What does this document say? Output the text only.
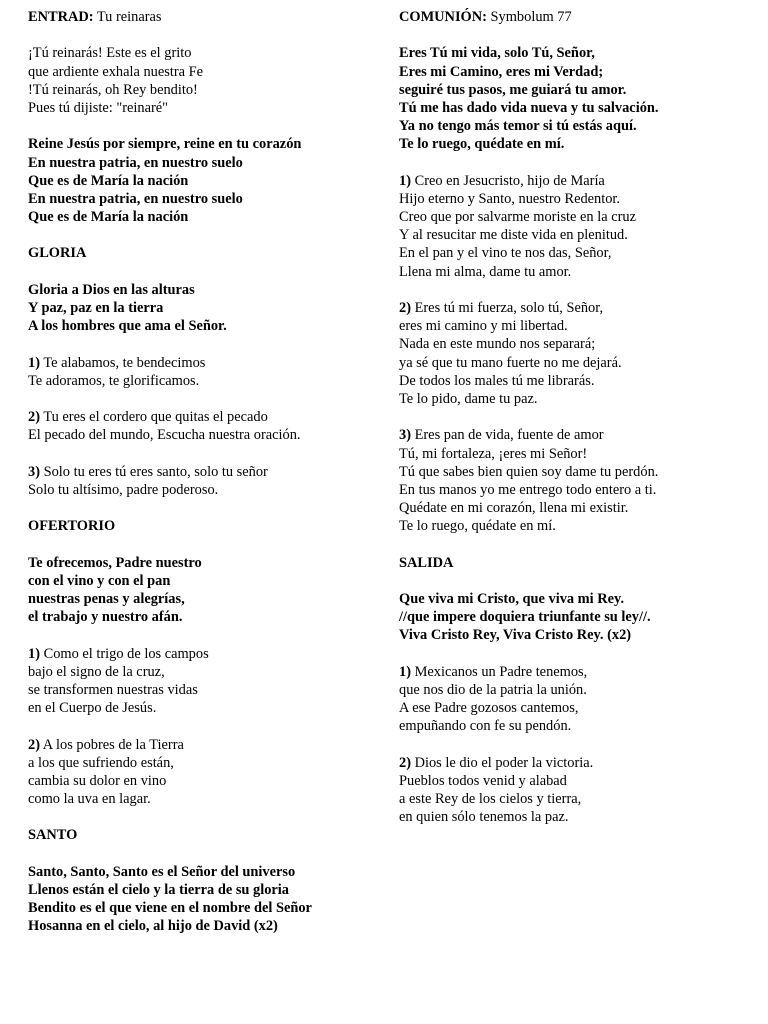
ENTRAD: Tu reinaras
¡Tú reinarás! Este es el grito
que ardiente exhala nuestra Fe
!Tú reinarás, oh Rey bendito!
Pues tú dijiste: "reinaré"
Reine Jesús por siempre, reine en tu corazón
En nuestra patria, en nuestro suelo
Que es de María la nación
En nuestra patria, en nuestro suelo
Que es de María la nación
GLORIA
Gloria a Dios en las alturas
Y paz, paz en la tierra
A los hombres que ama el Señor.
1) Te alabamos, te bendecimos
Te adoramos, te glorificamos.
2) Tu eres el cordero que quitas el pecado
El pecado del mundo, Escucha nuestra oración.
3) Solo tu eres tú eres santo, solo tu señor
Solo tu altísimo, padre poderoso.
OFERTORIO
Te ofrecemos, Padre nuestro
con el vino y con el pan
nuestras penas y alegrías,
el trabajo y nuestro afán.
1) Como el trigo de los campos
bajo el signo de la cruz,
se transformen nuestras vidas
en el Cuerpo de Jesús.
2) A los pobres de la Tierra
a los que sufriendo están,
cambia su dolor en vino
como la uva en lagar.
SANTO
Santo, Santo, Santo es el Señor del universo
Llenos están el cielo y la tierra de su gloria
Bendito es el que viene en el nombre del Señor
Hosanna en el cielo, al hijo de David (x2)
COMUNIÓN: Symbolum 77
Eres Tú mi vida, solo Tú, Señor,
Eres mi Camino, eres mi Verdad;
seguiré tus pasos, me guiará tu amor.
Tú me has dado vida nueva y tu salvación.
Ya no tengo más temor si tú estás aquí.
Te lo ruego, quédate en mí.
1) Creo en Jesucristo, hijo de María
Hijo eterno y Santo, nuestro Redentor.
Creo que por salvarme moriste en la cruz
Y al resucitar me diste vida en plenitud.
En el pan y el vino te nos das, Señor,
Llena mi alma, dame tu amor.
2) Eres tú mi fuerza, solo tú, Señor,
eres mi camino y mi libertad.
Nada en este mundo nos separará;
ya sé que tu mano fuerte no me dejará.
De todos los males tú me librarás.
Te lo pido, dame tu paz.
3) Eres pan de vida, fuente de amor
Tú, mi fortaleza, ¡eres mi Señor!
Tú que sabes bien quien soy dame tu perdón.
En tus manos yo me entrego todo entero a ti.
Quédate en mi corazón, llena mi existir.
Te lo ruego, quédate en mí.
SALIDA
Que viva mi Cristo, que viva mi Rey.
//que impere doquiera triunfante su ley//.
Viva Cristo Rey, Viva Cristo Rey. (x2)
1) Mexicanos un Padre tenemos,
que nos dio de la patria la unión.
A ese Padre gozosos cantemos,
empuñando con fe su pendón.
2) Dios le dio el poder la victoria.
Pueblos todos venid y alabad
a este Rey de los cielos y tierra,
en quien sólo tenemos la paz.
